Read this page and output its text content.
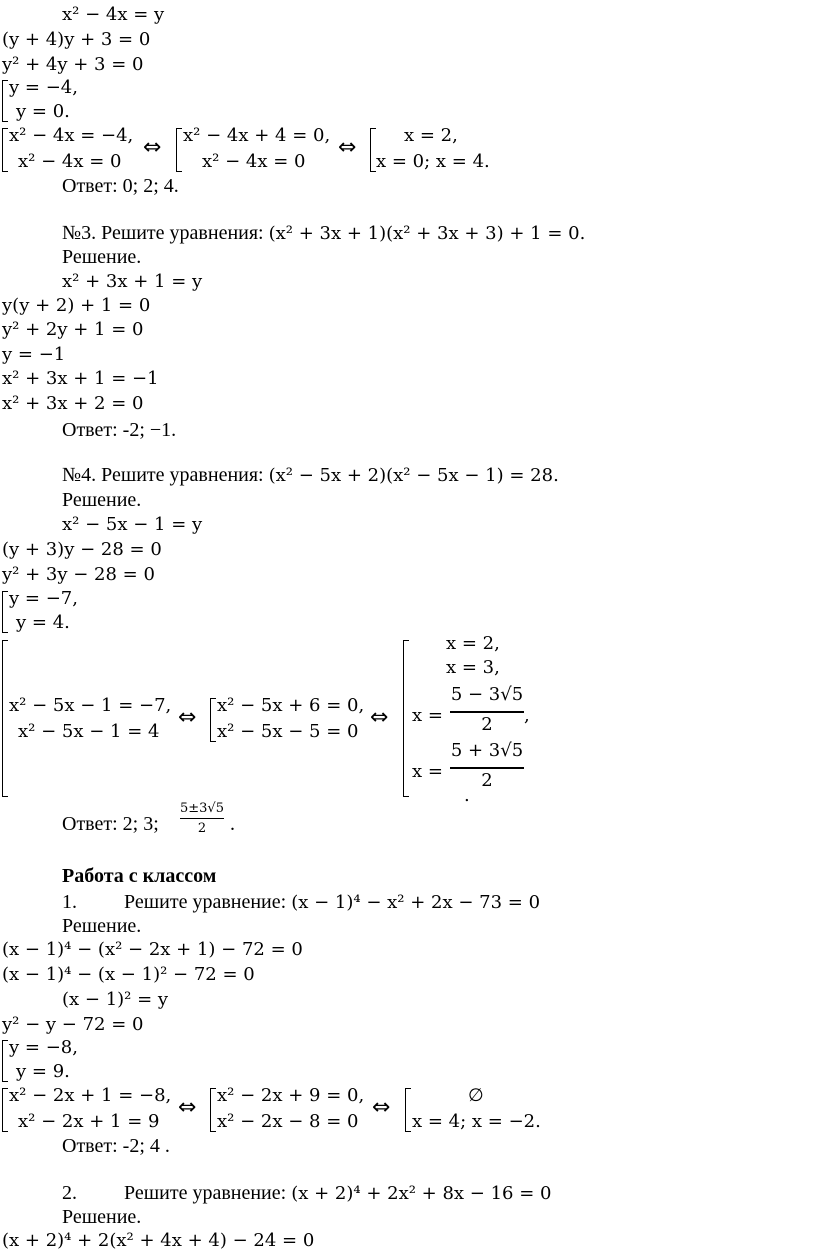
x² − 4x = y
(y + 4)y + 3 = 0
y² + 4y + 3 = 0
y = −4,
y = 0.
x² − 4x = −4,
x² − 4x = 0
⇔ x² − 4x + 4 = 0,
x² − 4x = 0
⇔	x = 2,
x = 0; x = 4.
Ответ: 0; 2; 4.
№3. Решите уравнения: (x² + 3x + 1)(x² + 3x + 3) + 1 = 0.
Решение.
x² + 3x + 1 = y
y(y + 2) + 1 = 0
y² + 2y + 1 = 0
y = −1
x² + 3x + 1 = −1
x² + 3x + 2 = 0
Ответ: -2; −1.
№4. Решите уравнения: (x² − 5x + 2)(x² − 5x − 1) = 28.
Решение.
x² − 5x − 1 = y
(y + 3)y − 28 = 0
y² + 3y − 28 = 0
y = −7,
y = 4.
x² − 5x − 1 = −7,
x² − 5x − 1 = 4
⇔ x² − 5x + 6 = 0,
x² − 5x − 5 = 0
⇔
x = 2,
x = 3,
x =
5 − 3√5
2	,
x =
5 + 3√5
2
.
Ответ: 2; 3;
5±3√5
2	.
Работа с классом
1. Решите уравнение: (x − 1)⁴ − x² + 2x − 73 = 0
Решение.
(x − 1)⁴ − (x² − 2x + 1) − 72 = 0
(x − 1)⁴ − (x − 1)² − 72 = 0
(x − 1)² = y
y² − y − 72 = 0
y = −8,
y = 9.
x² − 2x + 1 = −8,
x² − 2x + 1 = 9
⇔ x² − 2x + 9 = 0,
x² − 2x − 8 = 0
⇔	∅
x = 4; x = −2.
Ответ: -2; 4 .
2. Решите уравнение: (x + 2)⁴ + 2x² + 8x − 16 = 0
Решение.
(x + 2)⁴ + 2(x² + 4x + 4) − 24 = 0
